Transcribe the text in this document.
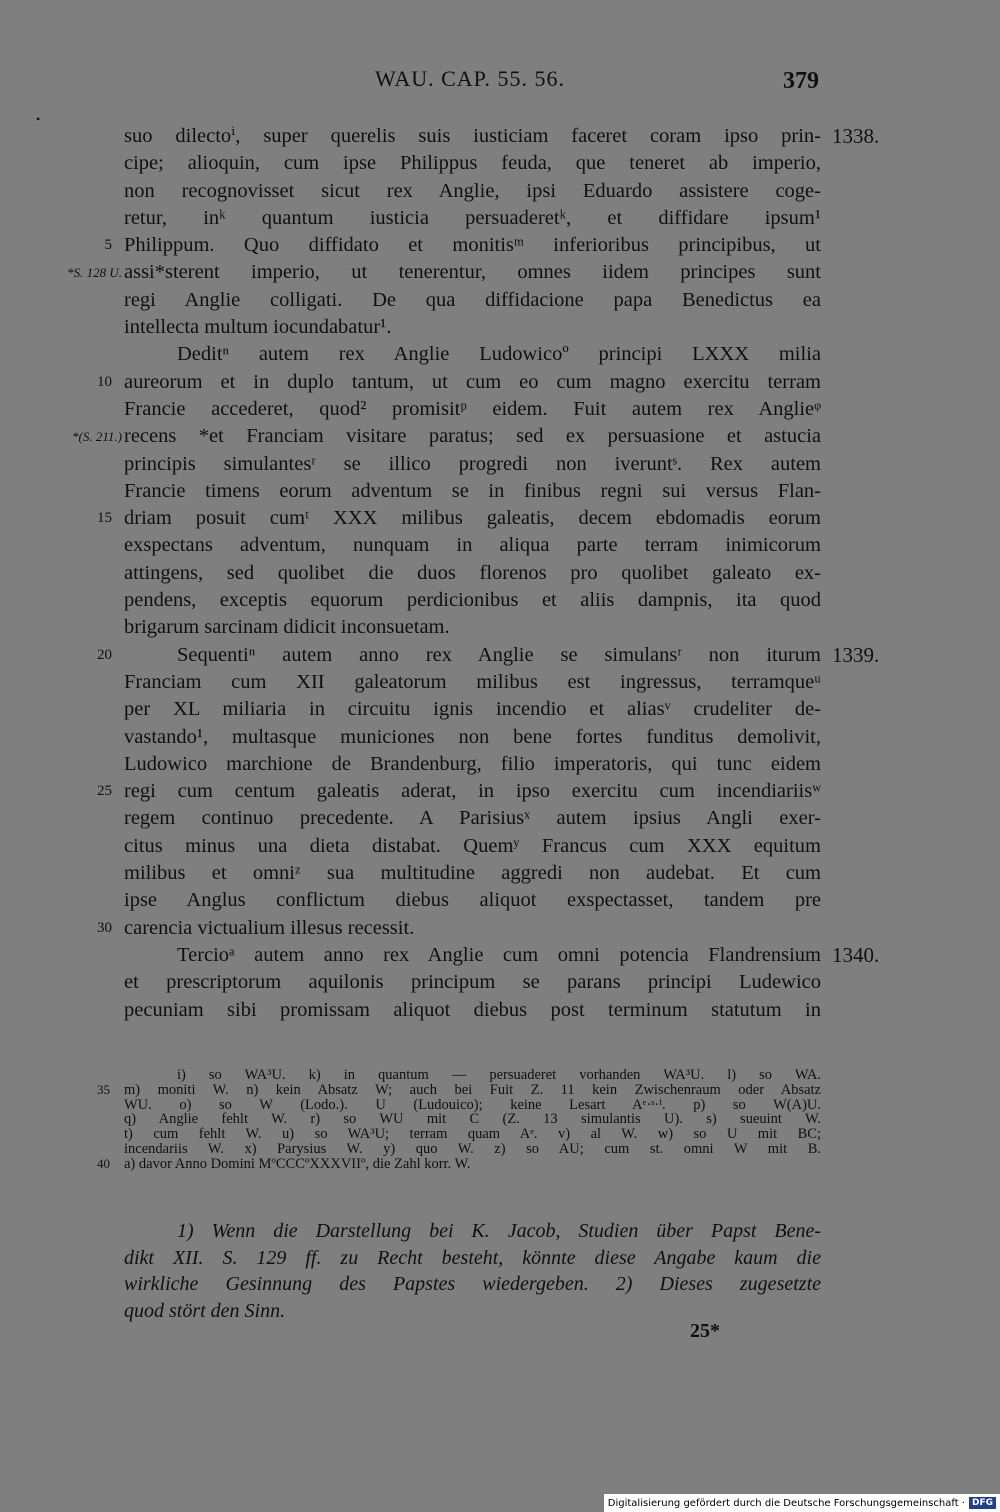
WAU. CAP. 55. 56.	379
•
suo dilectoⁱ, super querelis suis iusticiam faceret coram ipso prin- 1338.
cipe; alioquin, cum ipse Philippus feuda, que teneret ab imperio,
non recognovisset sicut rex Anglie, ipsi Eduardo assistere coge-
retur, inᵏ quantum iusticia persuaderetᵏ, et diffidare ipsum¹
Philippum. Quo diffidato et monitisᵐ inferioribus principibus, ut
5
assi*sterent imperio, ut tenerentur, omnes iidem principes sunt
*S. 128 U.
regi Anglie colligati. De qua diffidacione papa Benedictus ea
intellecta multum iocundabatur¹.
Deditⁿ autem rex Anglie Ludowicoº principi LXXX milia
aureorum et in duplo tantum, ut cum eo cum magno exercitu terram
10
Francie accederet, quod² promisitᵖ eidem. Fuit autem rex Anglieᵠ
recens *et Franciam visitare paratus; sed ex persuasione et astucia
*(S. 211.)
principis simulantesʳ se illico progredi non iveruntˢ. Rex autem
Francie timens eorum adventum se in finibus regni sui versus Flan-
driam posuit cumᵗ XXX milibus galeatis, decem ebdomadis eorum
15
exspectans adventum, nunquam in aliqua parte terram inimicorum
attingens, sed quolibet die duos florenos pro quolibet galeato ex-
pendens, exceptis equorum perdicionibus et aliis dampnis, ita quod
brigarum sarcinam didicit inconsuetam.
Sequentiⁿ autem anno rex Anglie se simulansʳ non iturum
20	1339.
Franciam cum XII galeatorum milibus est ingressus, terramqueᵘ
per XL miliaria in circuitu ignis incendio et aliasᵛ crudeliter de-
vastando¹, multasque municiones non bene fortes funditus demolivit,
Ludowico marchione de Brandenburg, filio imperatoris, qui tunc eidem
regi cum centum galeatis aderat, in ipso exercitu cum incendiariisʷ
25
regem continuo precedente. A Parisiusˣ autem ipsius Angli exer-
citus minus una dieta distabat. Quemʸ Francus cum XXX equitum
milibus et omniᶻ sua multitudine aggredi non audebat. Et cum
ipse Anglus conflictum diebus aliquot exspectasset, tandem pre
carencia victualium illesus recessit.
30
Tercioᵃ autem anno rex Anglie cum omni potencia Flandrensium 1340.
et prescriptorum aquilonis principum se parans principi Ludewico
pecuniam sibi promissam aliquot diebus post terminum statutum in
i) so WA³U. k) in quantum — persuaderet vorhanden WA³U. l) so WA.
m) moniti W. n) kein Absatz W; auch bei Fuit Z. 11 kein Zwischenraum oder Absatz
35
WU. o) so W (Lodo.). U (Ludouico); keine Lesart Aᵉ·ˢ·ⁱ. p) so W(A)U.
q) Anglie fehlt W. r) so WU mit C (Z. 13 simulantis U). s) sueuint W.
t) cum fehlt W. u) so WA³U; terram quam Aᵉ. v) al W. w) so U mit BC;
incendariis W. x) Parysius W. y) quo W. z) so AU; cum st. omni W mit B.
a) davor Anno Domini MºCCCºXXXVIIº, die Zahl korr. W.
40
1) Wenn die Darstellung bei K. Jacob, Studien über Papst Bene-
dikt XII. S. 129 ff. zu Recht besteht, könnte diese Angabe kaum die
wirkliche Gesinnung des Papstes wiedergeben. 2) Dieses zugesetzte
quod stört den Sinn.
25*
Digitalisierung gefördert durch die Deutsche Forschungsgemeinschaft · DFG
